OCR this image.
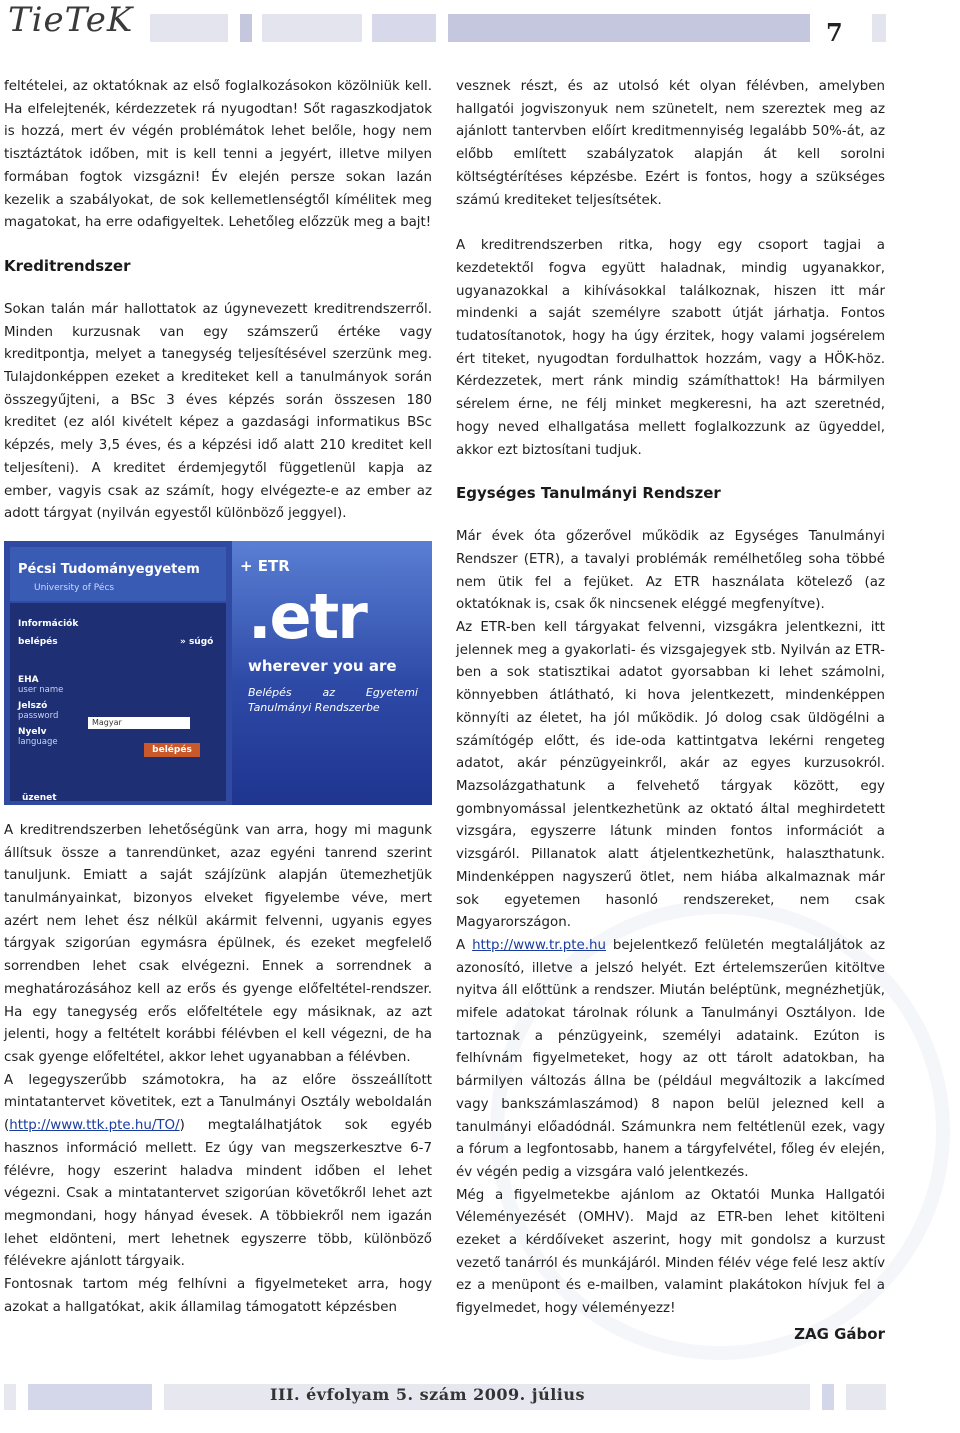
TieTeK	7

feltételei, az oktatóknak az első foglalkozásokon közölniük kell. Ha elfelejtenék, kérdezzetek rá nyugodtan! Sőt ragaszkodjatok is hozzá, mert év végén problémátok lehet belőle, hogy nem tisztáztátok időben, mit is kell tenni a jegyért, illetve milyen formában fogtok vizsgázni! Év elején persze sokan lazán kezelik a szabályokat, de sok kellemetlenségtől kímélitek meg magatokat, ha erre odafigyeltek. Lehetőleg előzzük meg a bajt!

Kreditrendszer

Sokan talán már hallottatok az úgynevezett kreditrendszerről. Minden kurzusnak van egy számszerű értéke vagy kreditpontja, melyet a tanegység teljesítésével szerzünk meg. Tulajdonképpen ezeket a krediteket kell a tanulmányok során összegyűjteni, a BSc 3 éves képzés során összesen 180 kreditet (ez alól kivételt képez a gazdasági informatikus BSc képzés, mely 3,5 éves, és a képzési idő alatt 210 kreditet kell teljesíteni). A kreditet érdemjegytől függetlenül kapja az ember, vagyis csak az számít, hogy elvégezte-e az ember az adott tárgyat (nyilván egyestől különböző jeggyel).

Pécsi Tudományegyetem
University of Pécs
Információk
belépés	» súgó
EHA
user name
Jelszó
password
Nyelv
language
Magyar
belépés
üzenet
+ ETR
.etr
wherever you are
Belépés az Egyetemi Tanulmányi Rendszerbe

A kreditrendszerben lehetőségünk van arra, hogy mi magunk állítsuk össze a tanrendünket, azaz egyéni tanrend szerint tanuljunk. Emiatt a saját szájízünk alapján ütemezhetjük tanulmányainkat, bizonyos elveket figyelembe véve, mert azért nem lehet ész nélkül akármit felvenni, ugyanis egyes tárgyak szigorúan egymásra épülnek, és ezeket megfelelő sorrendben lehet csak elvégezni. Ennek a sorrendnek a meghatározásához kell az erős és gyenge előfeltétel-rendszer. Ha egy tanegység erős előfeltétele egy másiknak, az azt jelenti, hogy a feltételt korábbi félévben el kell végezni, de ha csak gyenge előfeltétel, akkor lehet ugyanabban a félévben.

A legegyszerűbb számotokra, ha az előre összeállított mintatantervet követitek, ezt a Tanulmányi Osztály weboldalán (http://www.ttk.pte.hu/TO/) megtalálhatjátok sok egyéb hasznos információ mellett. Ez úgy van megszerkesztve 6-7 félévre, hogy eszerint haladva mindent időben el lehet végezni. Csak a mintatantervet szigorúan követőkről lehet azt megmondani, hogy hányad évesek. A többiekről nem igazán lehet eldönteni, mert lehetnek egyszerre több, különböző félévekre ajánlott tárgyaik.

Fontosnak tartom még felhívni a figyelmeteket arra, hogy azokat a hallgatókat, akik államilag támogatott képzésben

vesznek részt, és az utolsó két olyan félévben, amelyben hallgatói jogviszonyuk nem szünetelt, nem szereztek meg az ajánlott tantervben előírt kreditmennyiség legalább 50%-át, az előbb említett szabályzatok alapján át kell sorolni költségtérítéses képzésbe. Ezért is fontos, hogy a szükséges számú krediteket teljesítsétek.

A kreditrendszerben ritka, hogy egy csoport tagjai a kezdetektől fogva együtt haladnak, mindig ugyanakkor, ugyanazokkal a kihívásokkal találkoznak, hiszen itt már mindenki a saját személyre szabott útját járhatja. Fontos tudatosítanotok, hogy ha úgy érzitek, hogy valami jogsérelem ért titeket, nyugodtan fordulhattok hozzám, vagy a HÖK-höz. Kérdezzetek, mert ránk mindig számíthattok! Ha bármilyen sérelem érne, ne félj minket megkeresni, ha azt szeretnéd, hogy neved elhallgatása mellett foglalkozzunk az ügyeddel, akkor ezt biztosítani tudjuk.

Egységes Tanulmányi Rendszer

Már évek óta gőzerővel működik az Egységes Tanulmányi Rendszer (ETR), a tavalyi problémák remélhetőleg soha többé nem ütik fel a fejüket. Az ETR használata kötelező (az oktatóknak is, csak ők nincsenek eléggé megfenyítve).

Az ETR-ben kell tárgyakat felvenni, vizsgákra jelentkezni, itt jelennek meg a gyakorlati- és vizsgajegyek stb. Nyilván az ETR-ben a sok statisztikai adatot gyorsabban ki lehet számolni, könnyebben átlátható, ki hova jelentkezett, mindenképpen könnyíti az életet, ha jól működik. Jó dolog csak üldögélni a számítógép előtt, és ide-oda kattintgatva lekérni rengeteg adatot, akár pénzügyeinkről, akár az egyes kurzusokról. Mazsolázgathatunk a felvehető tárgyak között, egy gombnyomással jelentkezhetünk az oktató által meghirdetett vizsgára, egyszerre látunk minden fontos információt a vizsgáról. Pillanatok alatt átjelentkezhetünk, halaszthatunk. Mindenképpen nagyszerű ötlet, nem hiába alkalmaznak már sok egyetemen hasonló rendszereket, nem csak Magyarországon.

A http://www.tr.pte.hu bejelentkező felületén megtaláljátok az azonosító, illetve a jelszó helyét. Ezt értelemszerűen kitöltve nyitva áll előttünk a rendszer. Miután beléptünk, megnézhetjük, mifele adatokat tárolnak rólunk a Tanulmányi Osztályon. Ide tartoznak a pénzügyeink, személyi adataink. Ezúton is felhívnám figyelmeteket, hogy az ott tárolt adatokban, ha bármilyen változás állna be (például megváltozik a lakcímed vagy bankszámlaszámod) 8 napon belül jelezned kell a tanulmányi előadódnál. Számunkra nem feltétlenül ezek, vagy a fórum a legfontosabb, hanem a tárgyfelvétel, főleg év elején, év végén pedig a vizsgára való jelentkezés.

Még a figyelmetekbe ajánlom az Oktatói Munka Hallgatói Véleményezését (OMHV). Majd az ETR-ben lehet kitölteni ezeket a kérdőíveket aszerint, hogy mit gondolsz a kurzust vezető tanárról és munkájáról. Minden félév vége felé lesz aktív ez a menüpont és e-mailben, valamint plakátokon hívjuk fel a figyelmedet, hogy véleményezz!

ZAG Gábor
III. évfolyam 5. szám 2009. július
